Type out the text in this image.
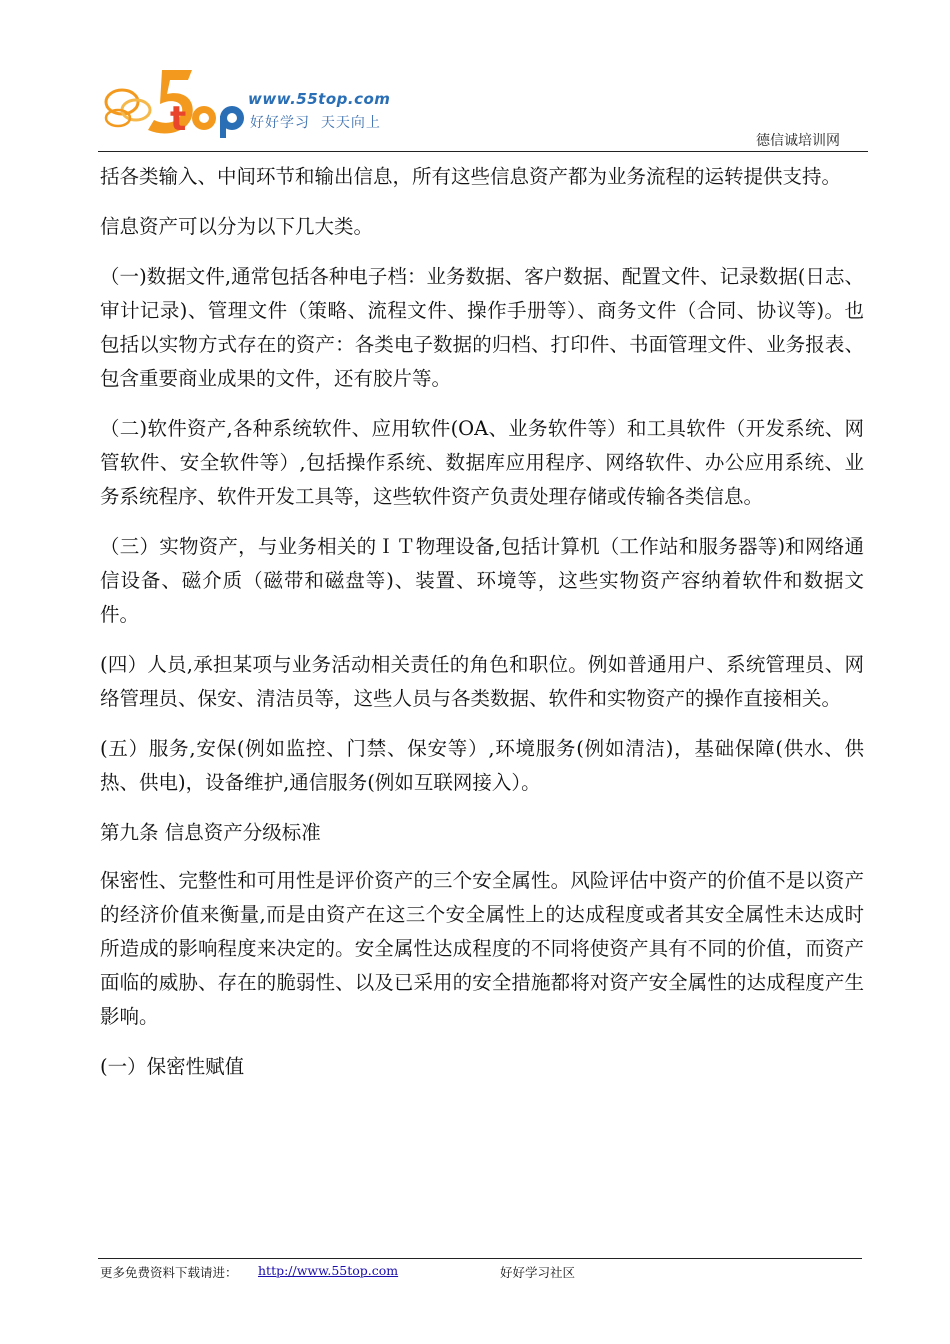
t	www.55top.com
好好学习  天天向上
德信诚培训网

括各类输入、中间环节和输出信息，所有这些信息资产都为业务流程的运转提供支持。

信息资产可以分为以下几大类。

（一)数据文件,通常包括各种电子档：业务数据、客户数据、配置文件、记录数据(日志、审计记录)、管理文件（策略、流程文件、操作手册等）、商务文件（合同、协议等)。也包括以实物方式存在的资产：各类电子数据的归档、打印件、书面管理文件、业务报表、包含重要商业成果的文件，还有胶片等。

（二)软件资产,各种系统软件、应用软件(OA、业务软件等）和工具软件（开发系统、网管软件、安全软件等）,包括操作系统、数据库应用程序、网络软件、办公应用系统、业务系统程序、软件开发工具等，这些软件资产负责处理存储或传输各类信息。

（三）实物资产，与业务相关的ＩＴ物理设备,包括计算机（工作站和服务器等)和网络通信设备、磁介质（磁带和磁盘等)、装置、环境等，这些实物资产容纳着软件和数据文件。

(四）人员,承担某项与业务活动相关责任的角色和职位。例如普通用户、系统管理员、网络管理员、保安、清洁员等，这些人员与各类数据、软件和实物资产的操作直接相关。

(五）服务,安保(例如监控、门禁、保安等）,环境服务(例如清洁)，基础保障(供水、供热、供电)，设备维护,通信服务(例如互联网接入）。

第九条 信息资产分级标准

保密性、完整性和可用性是评价资产的三个安全属性。风险评估中资产的价值不是以资产的经济价值来衡量,而是由资产在这三个安全属性上的达成程度或者其安全属性未达成时所造成的影响程度来决定的。安全属性达成程度的不同将使资产具有不同的价值，而资产面临的威胁、存在的脆弱性、以及已采用的安全措施都将对资产安全属性的达成程度产生影响。

(一）保密性赋值

更多免费资料下载请进： http://www.55top.com	好好学习社区
